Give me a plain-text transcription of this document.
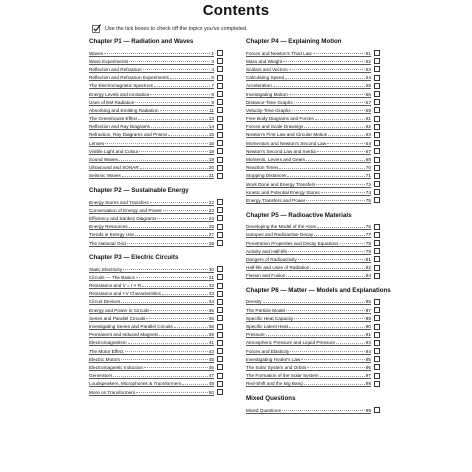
Contents
Use the tick boxes to check off the topics you've completed.
Chapter P1 — Radiation and Waves
Waves	1
Wave Experiments	3
Reflection and Refraction	4
Reflection and Refraction Experiments	5
The Electromagnetic Spectrum	7
Energy Levels and Ionisation	8
Uses of EM Radiation	9
Absorbing and Emitting Radiation	11
The Greenhouse Effect	13
Reflection and Ray Diagrams	14
Refraction, Ray Diagrams and Prisms	15
Lenses	16
Visible Light and Colour	18
Sound Waves	19
Ultrasound and SONAR	20
Seismic Waves	21
Chapter P2 — Sustainable Energy
Energy Stores and Transfers	22
Conservation of Energy and Power	23
Efficiency and Sankey Diagrams	24
Energy Resources	25
Trends in Energy Use	27
The National Grid	28
Chapter P3 — Electric Circuits
Static Electricity	30
Circuits — The Basics	31
Resistance and V = I × R	32
Resistance and I-V Characteristics	33
Circuit Devices	34
Energy and Power in Circuits	35
Series and Parallel Circuits	36
Investigating Series and Parallel Circuits	38
Permanent and Induced Magnets	39
Electromagnetism	41
The Motor Effect	43
Electric Motors	45
Electromagnetic Induction	46
Generators	47
Loudspeakers, Microphones & Transformers	48
More on Transformers	50
Chapter P4 — Explaining Motion
Forces and Newton's Third Law	51
Mass and Weight	52
Scalars and Vectors	53
Calculating Speed	54
Acceleration	55
Investigating Motion	56
Distance-Time Graphs	57
Velocity-Time Graphs	59
Free Body Diagrams and Forces	61
Forces and Scale Drawings	62
Newton's First Law and Circular Motion	63
Momentum and Newton's Second Law	64
Newton's Second Law and Inertia	67
Moments, Levers and Gears	68
Reaction Times	70
Stopping Distances	71
Work Done and Energy Transfers	73
Kinetic and Potential Energy Stores	74
Energy Transfers and Power	75
Chapter P5 — Radioactive Materials
Developing the Model of the Atom	76
Isotopes and Radioactive Decay	77
Penetration Properties and Decay Equations	78
Activity and Half-life	79
Dangers of Radioactivity	81
Half-life and Uses of Radiation	82
Fission and Fusion	84
Chapter P6 — Matter — Models and Explanations
Density	85
The Particle Model	87
Specific Heat Capacity	89
Specific Latent Heat	90
Pressure	91
Atmospheric Pressure and Liquid Pressure	93
Forces and Elasticity	94
Investigating Hooke's Law	95
The Solar System and Orbits	96
The Formation of the Solar System	97
Red-Shift and the Big Bang	98
Mixed Questions
Mixed Questions	99
